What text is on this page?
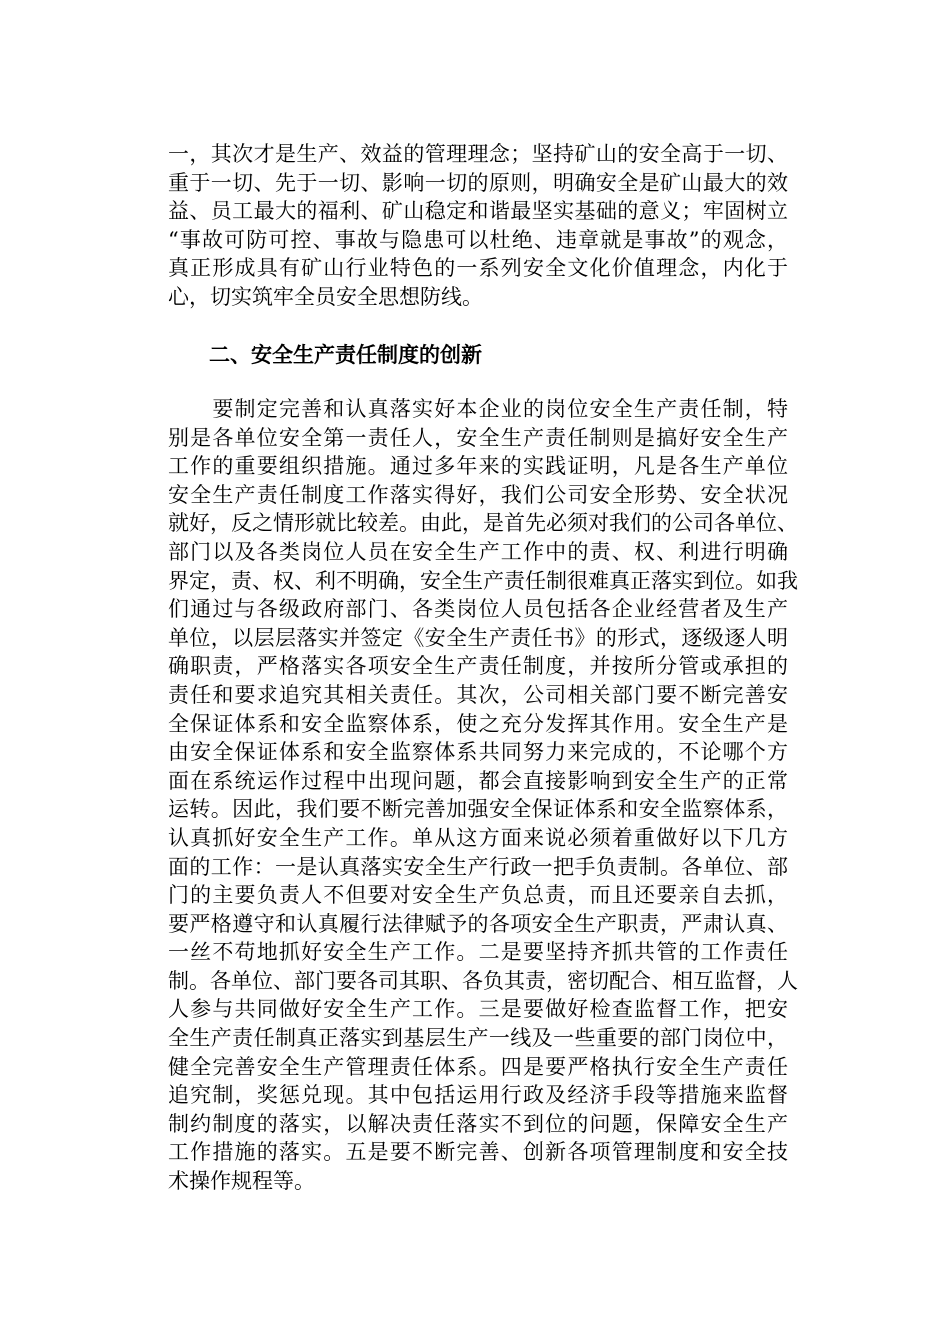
一，其次才是生产、效益的管理理念；坚持矿山的安全高于一切、
重于一切、先于一切、影响一切的原则，明确安全是矿山最大的效
益、员工最大的福利、矿山稳定和谐最坚实基础的意义；牢固树立
“事故可防可控、事故与隐患可以杜绝、违章就是事故”的观念，
真正形成具有矿山行业特色的一系列安全文化价值理念，内化于
心，切实筑牢全员安全思想防线。
二、安全生产责任制度的创新
　　要制定完善和认真落实好本企业的岗位安全生产责任制，特
别是各单位安全第一责任人，安全生产责任制则是搞好安全生产
工作的重要组织措施。通过多年来的实践证明，凡是各生产单位
安全生产责任制度工作落实得好，我们公司安全形势、安全状况
就好，反之情形就比较差。由此，是首先必须对我们的公司各单位、
部门以及各类岗位人员在安全生产工作中的责、权、利进行明确
界定，责、权、利不明确，安全生产责任制很难真正落实到位。如我
们通过与各级政府部门、各类岗位人员包括各企业经营者及生产
单位，以层层落实并签定《安全生产责任书》的形式，逐级逐人明
确职责，严格落实各项安全生产责任制度，并按所分管或承担的
责任和要求追究其相关责任。其次，公司相关部门要不断完善安
全保证体系和安全监察体系，使之充分发挥其作用。安全生产是
由安全保证体系和安全监察体系共同努力来完成的，不论哪个方
面在系统运作过程中出现问题，都会直接影响到安全生产的正常
运转。因此，我们要不断完善加强安全保证体系和安全监察体系，
认真抓好安全生产工作。单从这方面来说必须着重做好以下几方
面的工作：一是认真落实安全生产行政一把手负责制。各单位、部
门的主要负责人不但要对安全生产负总责，而且还要亲自去抓，
要严格遵守和认真履行法律赋予的各项安全生产职责，严肃认真、
一丝不苟地抓好安全生产工作。二是要坚持齐抓共管的工作责任
制。各单位、部门要各司其职、各负其责，密切配合、相互监督，人
人参与共同做好安全生产工作。三是要做好检查监督工作，把安
全生产责任制真正落实到基层生产一线及一些重要的部门岗位中，
健全完善安全生产管理责任体系。四是要严格执行安全生产责任
追究制，奖惩兑现。其中包括运用行政及经济手段等措施来监督
制约制度的落实，以解决责任落实不到位的问题，保障安全生产
工作措施的落实。五是要不断完善、创新各项管理制度和安全技
术操作规程等。
